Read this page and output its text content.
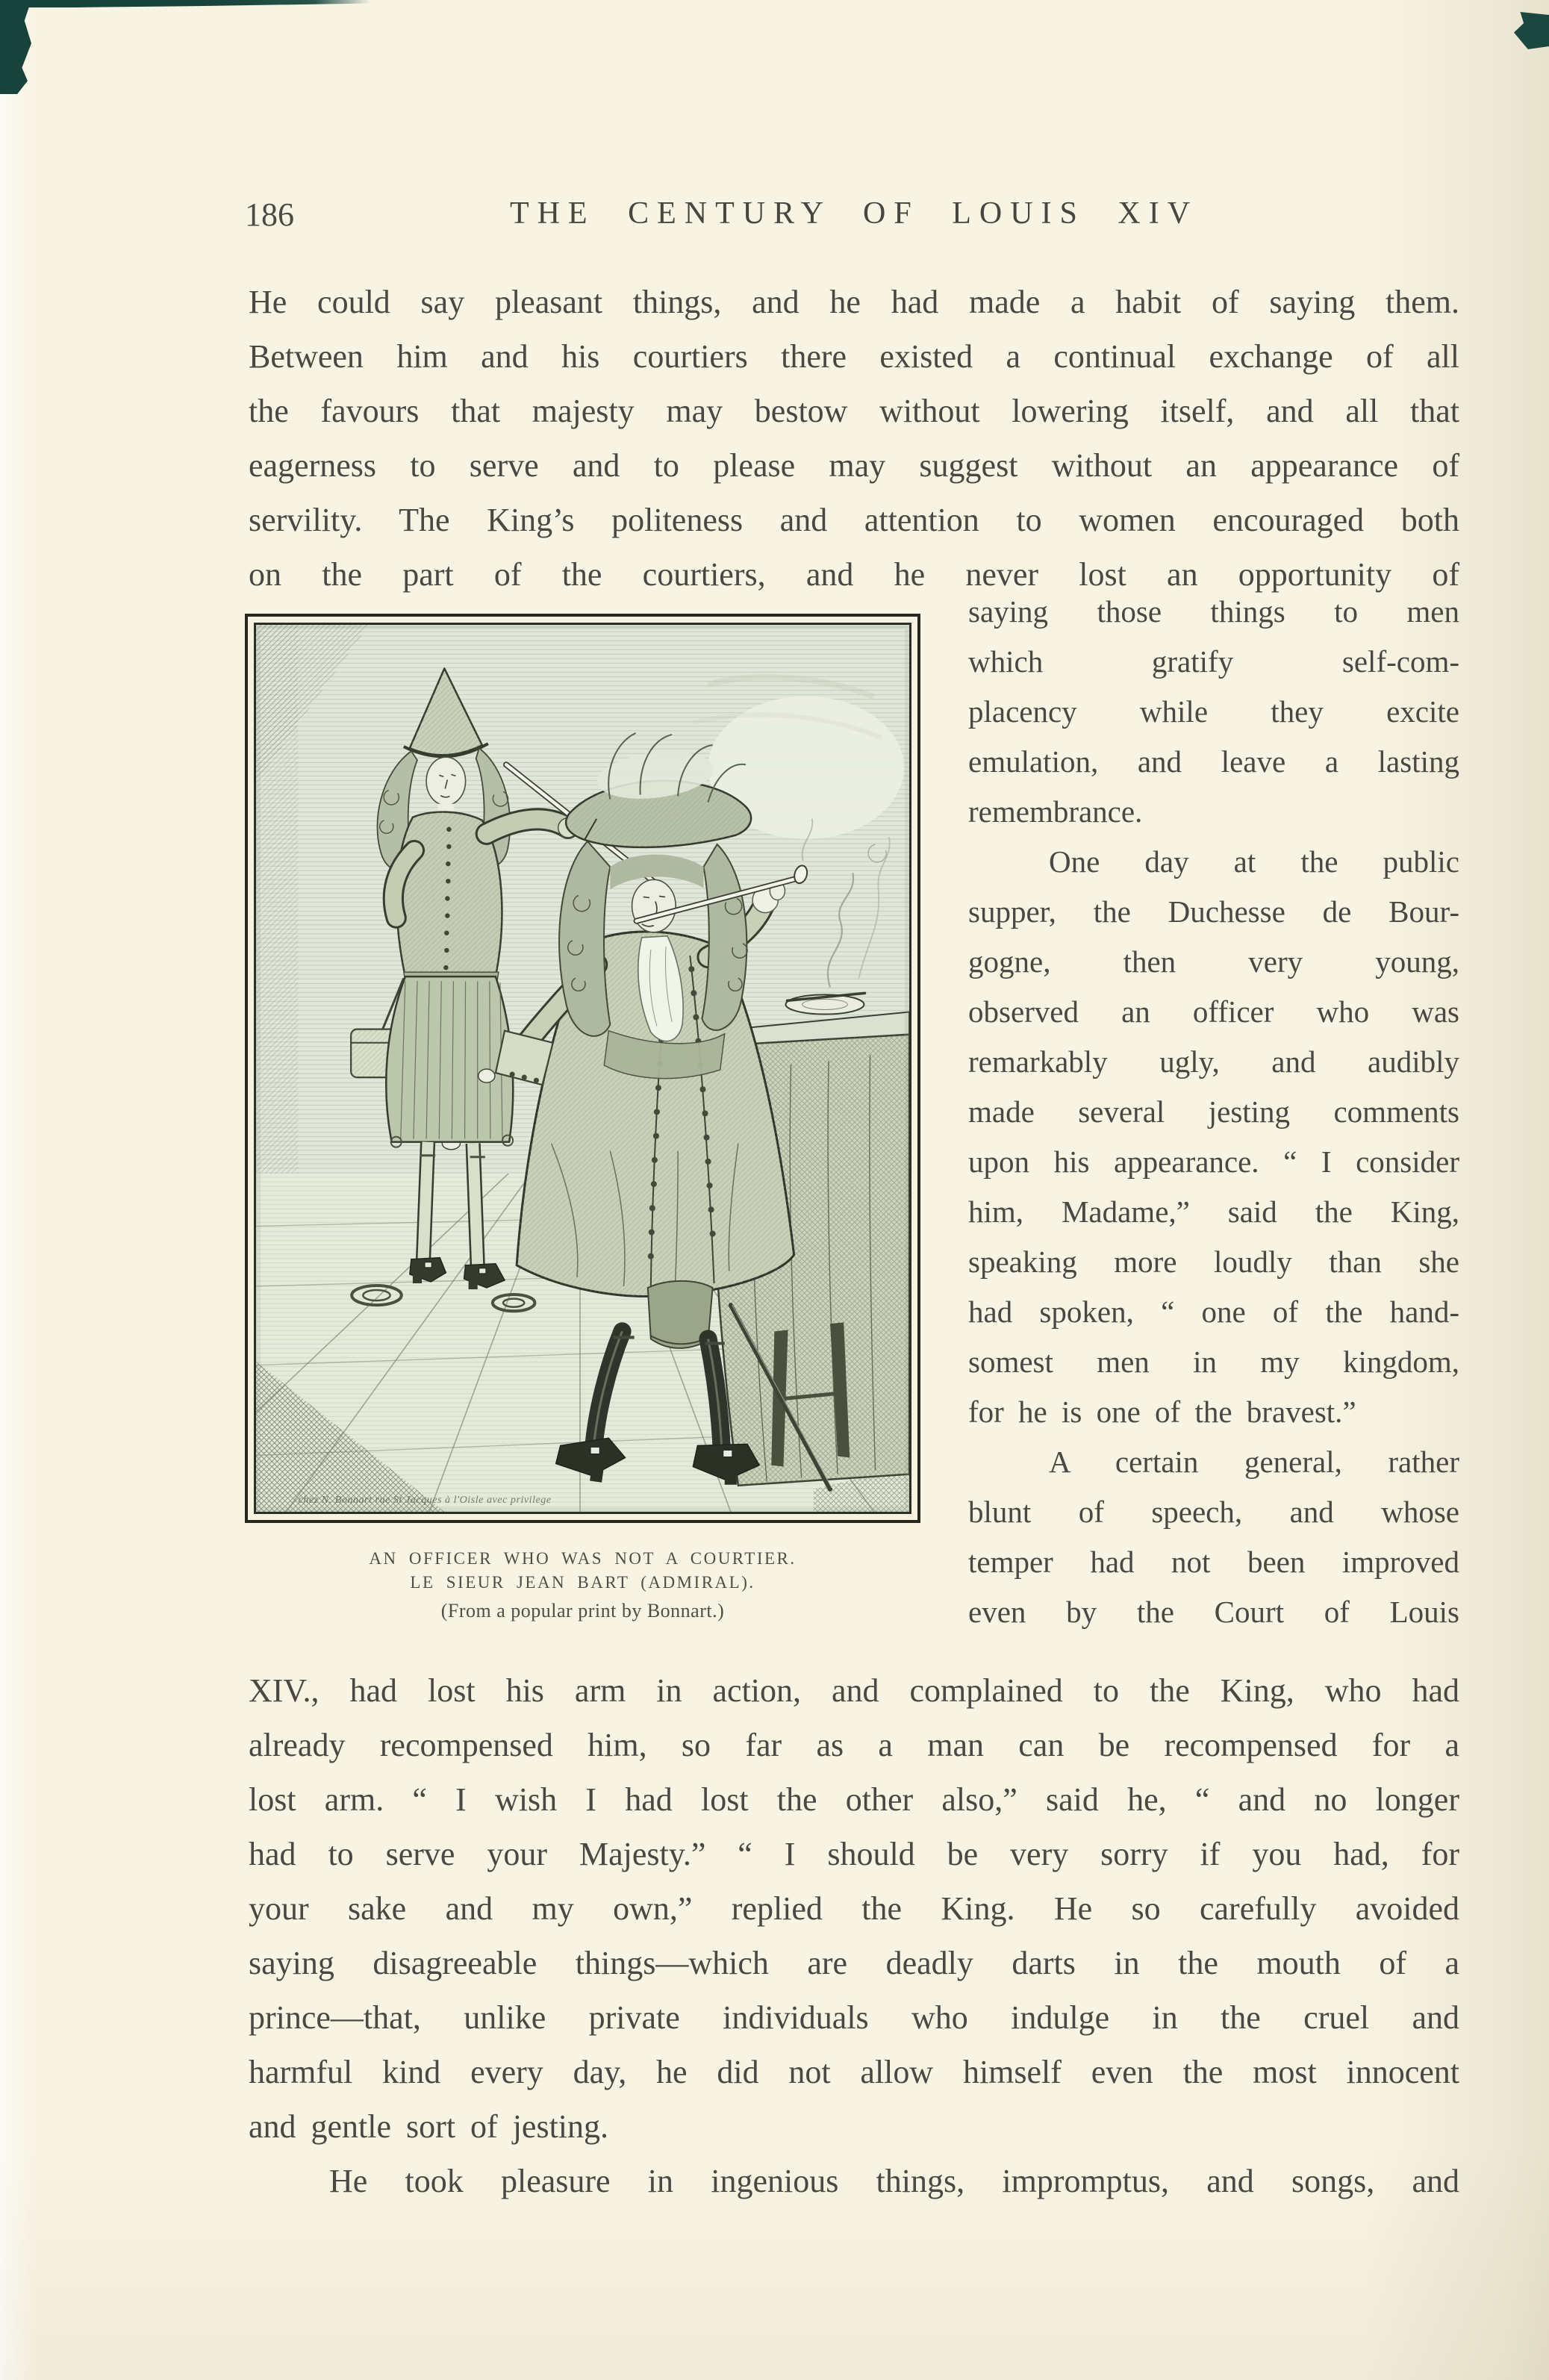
186	THE CENTURY OF LOUIS XIV
He could say pleasant things, and he had made a habit of saying them.
Between him and his courtiers there existed a continual exchange of all
the favours that majesty may bestow without lowering itself, and all that
eagerness to serve and to please may suggest without an appearance of
servility. The King’s politeness and attention to women encouraged both
on the part of the courtiers, and he never lost an opportunity of
saying those things to men
which gratify self-com-
placency while they excite
emulation, and leave a lasting
remembrance.
One day at the public
supper, the Duchesse de Bour-
gogne, then very young,
observed an officer who was
remarkably ugly, and audibly
made several jesting comments
upon his appearance. “ I consider
him, Madame,” said the King,
speaking more loudly than she
had spoken, “ one of the hand-
somest men in my kingdom,
for he is one of the bravest.”
A certain general, rather
blunt of speech, and whose
temper had not been improved
even by the Court of Louis
chez N. Bonnart rue St Jacques à l'Oisle avec privilege
AN OFFICER WHO WAS NOT A COURTIER.
LE SIEUR JEAN BART (ADMIRAL).
(From a popular print by Bonnart.)
XIV., had lost his arm in action, and complained to the King, who had
already recompensed him, so far as a man can be recompensed for a
lost arm. “ I wish I had lost the other also,” said he, “ and no longer
had to serve your Majesty.” “ I should be very sorry if you had, for
your sake and my own,” replied the King. He so carefully avoided
saying disagreeable things—which are deadly darts in the mouth of a
prince—that, unlike private individuals who indulge in the cruel and
harmful kind every day, he did not allow himself even the most innocent
and gentle sort of jesting.
He took pleasure in ingenious things, impromptus, and songs, and
